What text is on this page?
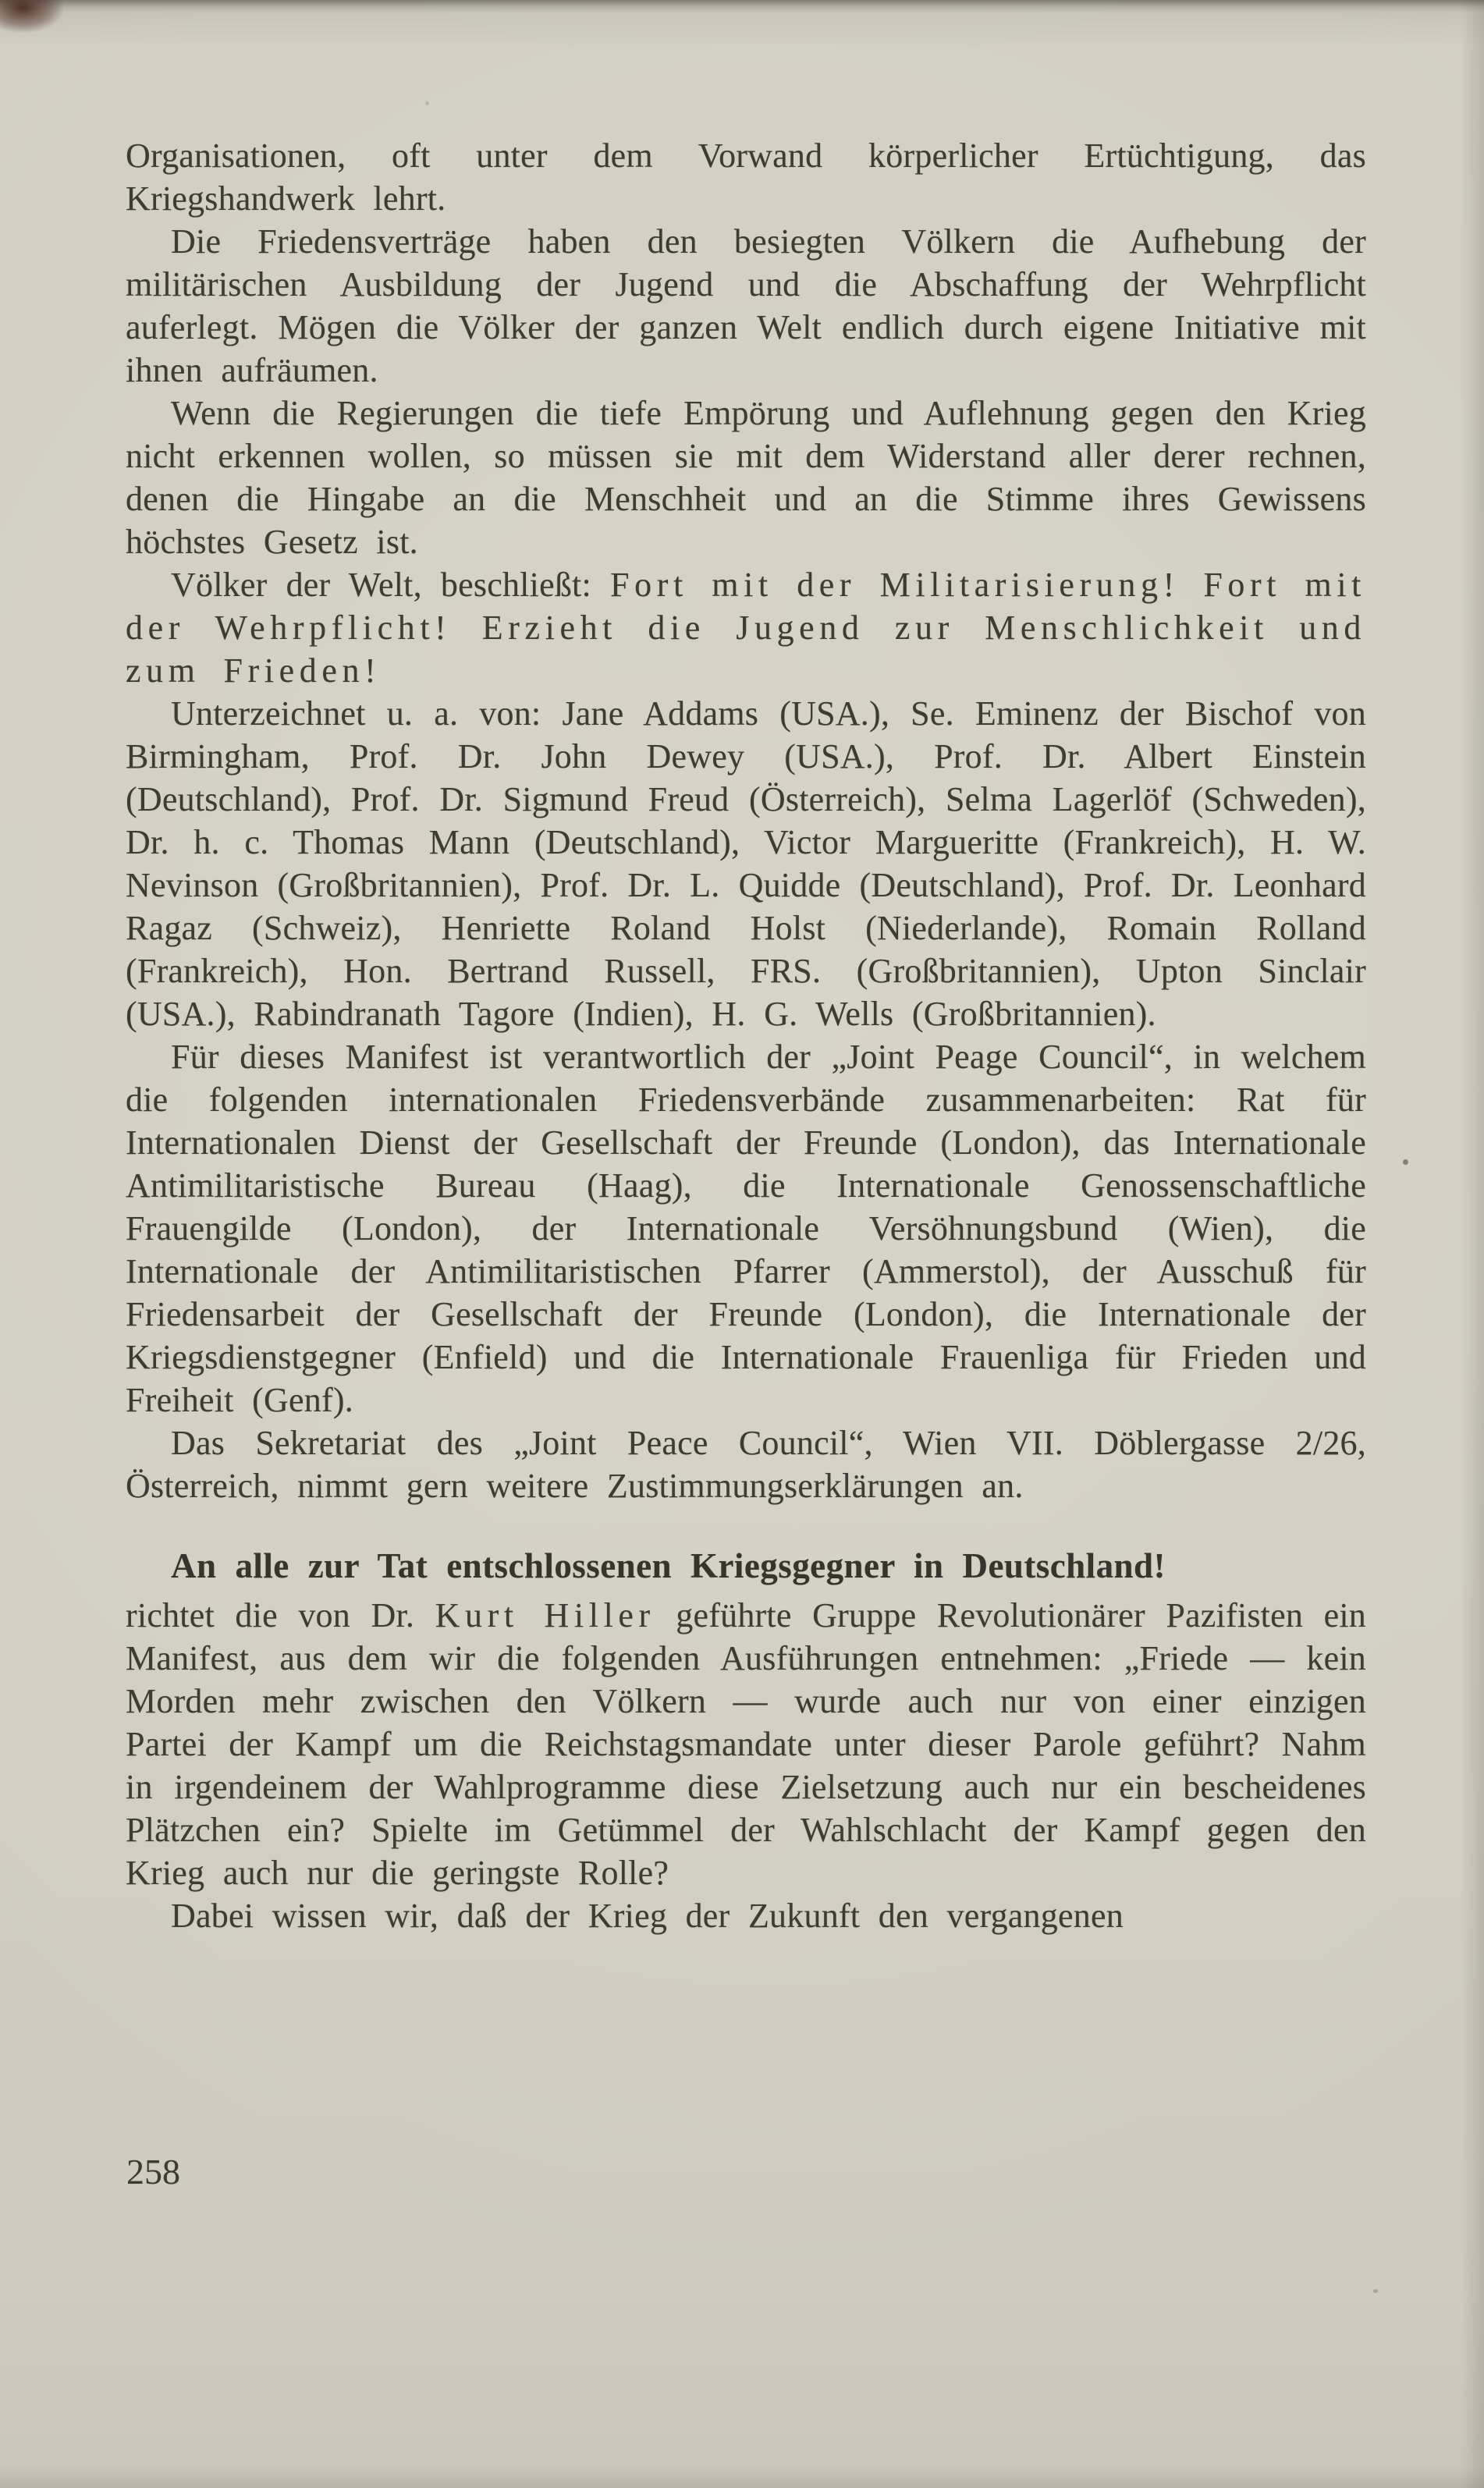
Organisationen, oft unter dem Vorwand körperlicher Ertüchtigung, das Kriegshandwerk lehrt.

Die Friedensverträge haben den besiegten Völkern die Aufhebung der militärischen Ausbildung der Jugend und die Abschaffung der Wehrpflicht auferlegt. Mögen die Völker der ganzen Welt endlich durch eigene Initiative mit ihnen aufräumen.

Wenn die Regierungen die tiefe Empörung und Auflehnung gegen den Krieg nicht erkennen wollen, so müssen sie mit dem Widerstand aller derer rechnen, denen die Hingabe an die Menschheit und an die Stimme ihres Gewissens höchstes Gesetz ist.

Völker der Welt, beschließt: Fort mit der Militarisierung! Fort mit der Wehrpflicht! Erzieht die Jugend zur Menschlichkeit und zum Frieden!

Unterzeichnet u. a. von: Jane Addams (USA.), Se. Eminenz der Bischof von Birmingham, Prof. Dr. John Dewey (USA.), Prof. Dr. Albert Einstein (Deutschland), Prof. Dr. Sigmund Freud (Österreich), Selma Lagerlöf (Schweden), Dr. h. c. Thomas Mann (Deutschland), Victor Margueritte (Frankreich), H. W. Nevinson (Großbritannien), Prof. Dr. L. Quidde (Deutschland), Prof. Dr. Leonhard Ragaz (Schweiz), Henriette Roland Holst (Niederlande), Romain Rolland (Frankreich), Hon. Bertrand Russell, FRS. (Großbritannien), Upton Sinclair (USA.), Rabindranath Tagore (Indien), H. G. Wells (Großbritannien).

Für dieses Manifest ist verantwortlich der „Joint Peage Council“, in welchem die folgenden internationalen Friedensverbände zusammenarbeiten: Rat für Internationalen Dienst der Gesellschaft der Freunde (London), das Internationale Antimilitaristische Bureau (Haag), die Internationale Genossenschaftliche Frauengilde (London), der Internationale Versöhnungsbund (Wien), die Internationale der Antimilitaristischen Pfarrer (Ammerstol), der Ausschuß für Friedensarbeit der Gesellschaft der Freunde (London), die Internationale der Kriegsdienstgegner (Enfield) und die Internationale Frauenliga für Frieden und Freiheit (Genf).

Das Sekretariat des „Joint Peace Council“, Wien VII. Döblergasse 2/26, Österreich, nimmt gern weitere Zustimmungserklärungen an.

An alle zur Tat entschlossenen Kriegsgegner in Deutschland!

richtet die von Dr. Kurt Hiller geführte Gruppe Revolutionärer Pazifisten ein Manifest, aus dem wir die folgenden Ausführungen entnehmen: „Friede — kein Morden mehr zwischen den Völkern — wurde auch nur von einer einzigen Partei der Kampf um die Reichstagsmandate unter dieser Parole geführt? Nahm in irgendeinem der Wahlprogramme diese Zielsetzung auch nur ein bescheidenes Plätzchen ein? Spielte im Getümmel der Wahlschlacht der Kampf gegen den Krieg auch nur die geringste Rolle?

Dabei wissen wir, daß der Krieg der Zukunft den vergangenen

258
